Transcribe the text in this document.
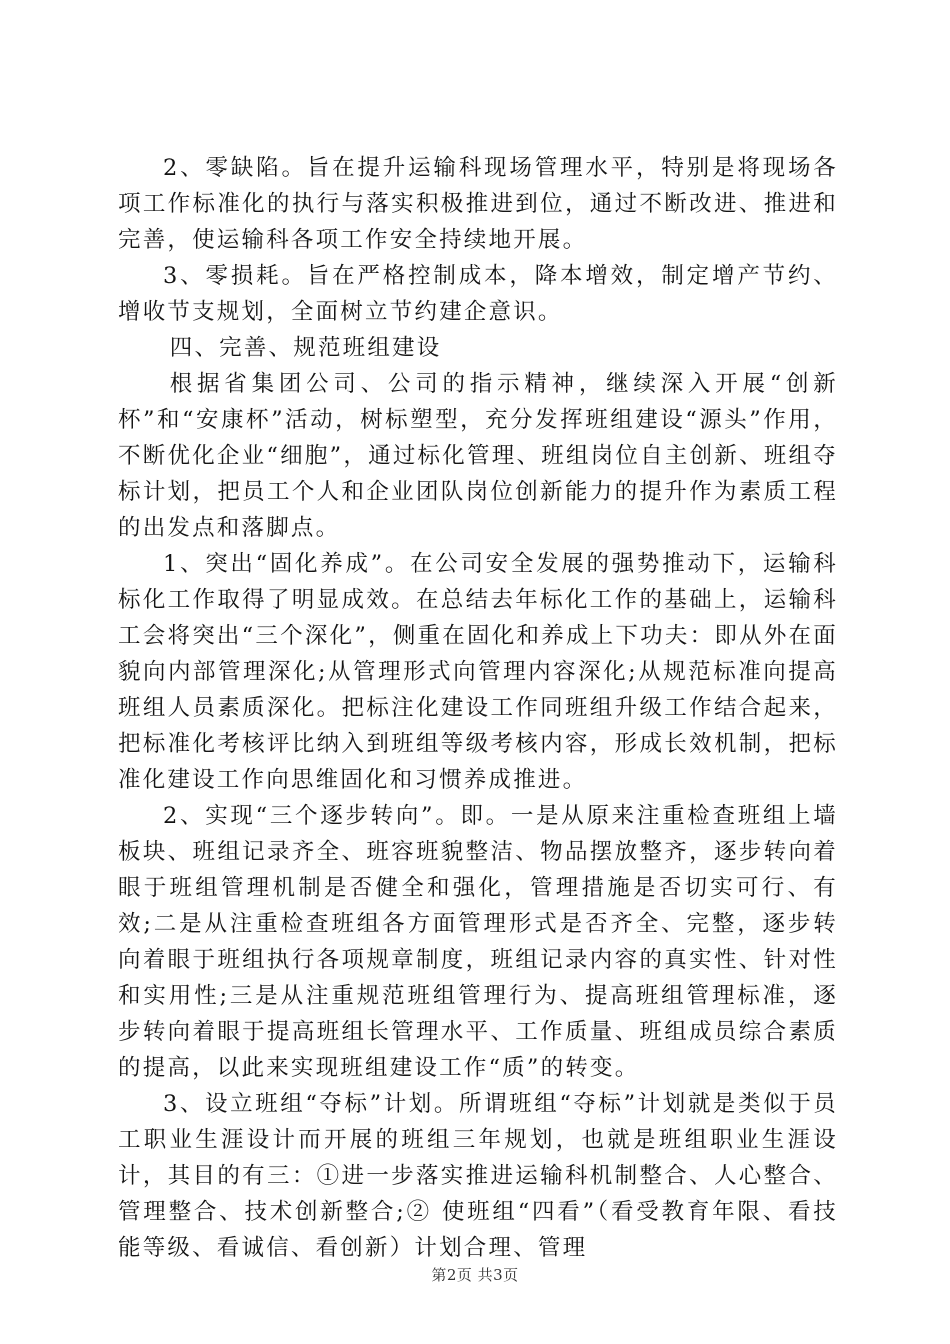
2、零缺陷。旨在提升运输科现场管理水平，特别是将现场各项工作标准化的执行与落实积极推进到位，通过不断改进、推进和完善，使运输科各项工作安全持续地开展。

3、零损耗。旨在严格控制成本，降本增效，制定增产节约、增收节支规划，全面树立节约建企意识。

四、完善、规范班组建设

根据省集团公司、公司的指示精神，继续深入开展“创新杯”和“安康杯”活动，树标塑型，充分发挥班组建设“源头”作用，不断优化企业“细胞”，通过标化管理、班组岗位自主创新、班组夺标计划，把员工个人和企业团队岗位创新能力的提升作为素质工程的出发点和落脚点。

1、突出“固化养成”。在公司安全发展的强势推动下，运输科标化工作取得了明显成效。在总结去年标化工作的基础上，运输科工会将突出“三个深化”，侧重在固化和养成上下功夫：即从外在面貌向内部管理深化;从管理形式向管理内容深化;从规范标准向提高班组人员素质深化。把标注化建设工作同班组升级工作结合起来，把标准化考核评比纳入到班组等级考核内容，形成长效机制，把标准化建设工作向思维固化和习惯养成推进。

2、实现“三个逐步转向”。即。一是从原来注重检查班组上墙板块、班组记录齐全、班容班貌整洁、物品摆放整齐，逐步转向着眼于班组管理机制是否健全和强化，管理措施是否切实可行、有效;二是从注重检查班组各方面管理形式是否齐全、完整，逐步转向着眼于班组执行各项规章制度，班组记录内容的真实性、针对性和实用性;三是从注重规范班组管理行为、提高班组管理标准，逐步转向着眼于提高班组长管理水平、工作质量、班组成员综合素质的提高，以此来实现班组建设工作“质”的转变。

3、设立班组“夺标”计划。所谓班组“夺标”计划就是类似于员工职业生涯设计而开展的班组三年规划，也就是班组职业生涯设计，其目的有三：①进一步落实推进运输科机制整合、人心整合、管理整合、技术创新整合;② 使班组“四看”（看受教育年限、看技能等级、看诚信、看创新）计划合理、管理

第2页 共3页
